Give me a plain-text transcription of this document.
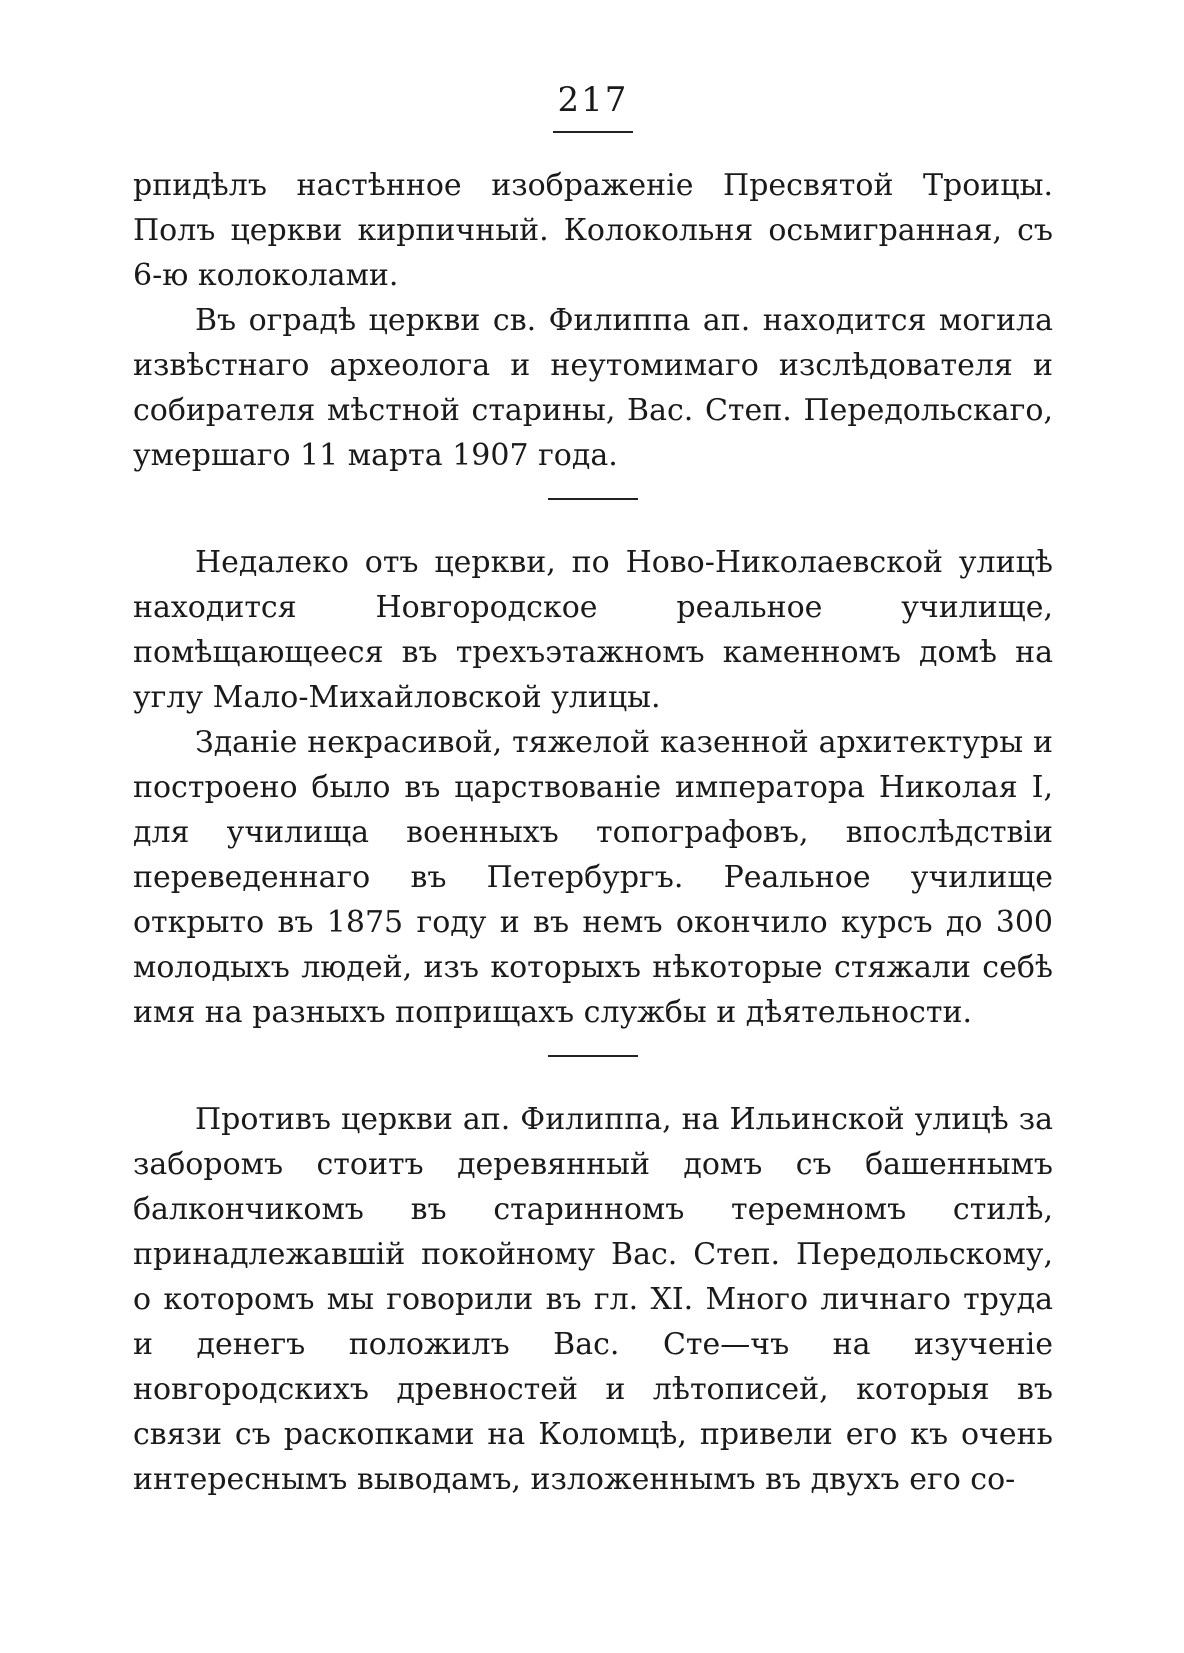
217

рпидѣлъ настѣнное изображенiе Пресвятой Троицы. Полъ церкви кирпичный. Колокольня осьмигранная, съ 6-ю колоколами.

Въ оградѣ церкви св. Филиппа ап. находится могила извѣстнаго археолога и неутомимаго изслѣдователя и собирателя мѣстной старины, Вас. Степ. Передольскаго, умершаго 11 марта 1907 года.

Недалеко отъ церкви, по Ново-Николаевской улицѣ находится Новгородское реальное училище, помѣщающееся въ трехъэтажномъ каменномъ домѣ на углу Мало-Михайловской улицы.

Зданiе некрасивой, тяжелой казенной архитектуры и построено было въ царствованiе императора Николая I, для училища военныхъ топографовъ, впослѣдствiи переведеннаго въ Петербургъ. Реальное училище открыто въ 1875 году и въ немъ окончило курсъ до 300 молодыхъ людей, изъ которыхъ нѣкоторые стяжали себѣ имя на разныхъ поприщахъ службы и дѣятельности.

Противъ церкви ап. Филиппа, на Ильинской улицѣ за заборомъ стоитъ деревянный домъ съ башеннымъ балкончикомъ въ старинномъ теремномъ стилѣ, принадлежавшiй покойному Вас. Степ. Передольскому, о которомъ мы говорили въ гл. XI. Много личнаго труда и денегъ положилъ Вас. Сте—чъ на изученiе новгородскихъ древностей и лѣтописей, которыя въ связи съ раскопками на Коломцѣ, привели его къ очень интереснымъ выводамъ, изложеннымъ въ двухъ его со-
